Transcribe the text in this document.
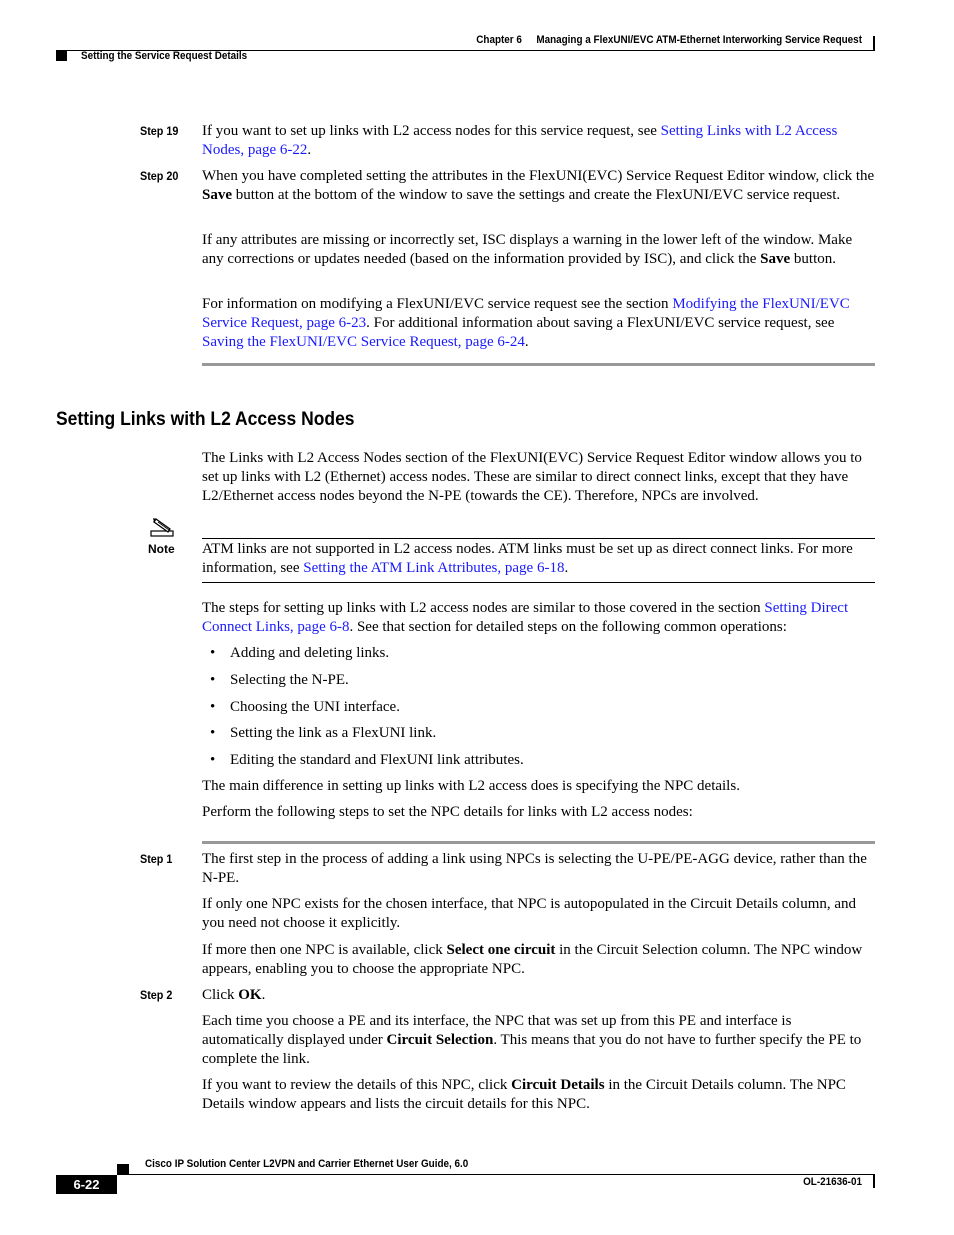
Chapter 6 Managing a FlexUNI/EVC ATM-Ethernet Interworking Service Request
Setting the Service Request Details
Step 19 If you want to set up links with L2 access nodes for this service request, see Setting Links with L2 Access Nodes, page 6-22.
Step 20 When you have completed setting the attributes in the FlexUNI(EVC) Service Request Editor window, click the Save button at the bottom of the window to save the settings and create the FlexUNI/EVC service request.
If any attributes are missing or incorrectly set, ISC displays a warning in the lower left of the window. Make any corrections or updates needed (based on the information provided by ISC), and click the Save button.
For information on modifying a FlexUNI/EVC service request see the section Modifying the FlexUNI/EVC Service Request, page 6-23. For additional information about saving a FlexUNI/EVC service request, see Saving the FlexUNI/EVC Service Request, page 6-24.
Setting Links with L2 Access Nodes
The Links with L2 Access Nodes section of the FlexUNI(EVC) Service Request Editor window allows you to set up links with L2 (Ethernet) access nodes. These are similar to direct connect links, except that they have L2/Ethernet access nodes beyond the N-PE (towards the CE). Therefore, NPCs are involved.
Note ATM links are not supported in L2 access nodes. ATM links must be set up as direct connect links. For more information, see Setting the ATM Link Attributes, page 6-18.
The steps for setting up links with L2 access nodes are similar to those covered in the section Setting Direct Connect Links, page 6-8. See that section for detailed steps on the following common operations:
• Adding and deleting links.
• Selecting the N-PE.
• Choosing the UNI interface.
• Setting the link as a FlexUNI link.
• Editing the standard and FlexUNI link attributes.
The main difference in setting up links with L2 access does is specifying the NPC details.
Perform the following steps to set the NPC details for links with L2 access nodes:
Step 1 The first step in the process of adding a link using NPCs is selecting the U-PE/PE-AGG device, rather than the N-PE.
If only one NPC exists for the chosen interface, that NPC is autopopulated in the Circuit Details column, and you need not choose it explicitly.
If more then one NPC is available, click Select one circuit in the Circuit Selection column. The NPC window appears, enabling you to choose the appropriate NPC.
Step 2 Click OK.
Each time you choose a PE and its interface, the NPC that was set up from this PE and interface is automatically displayed under Circuit Selection. This means that you do not have to further specify the PE to complete the link.
If you want to review the details of this NPC, click Circuit Details in the Circuit Details column. The NPC Details window appears and lists the circuit details for this NPC.
Cisco IP Solution Center L2VPN and Carrier Ethernet User Guide, 6.0
6-22	OL-21636-01
